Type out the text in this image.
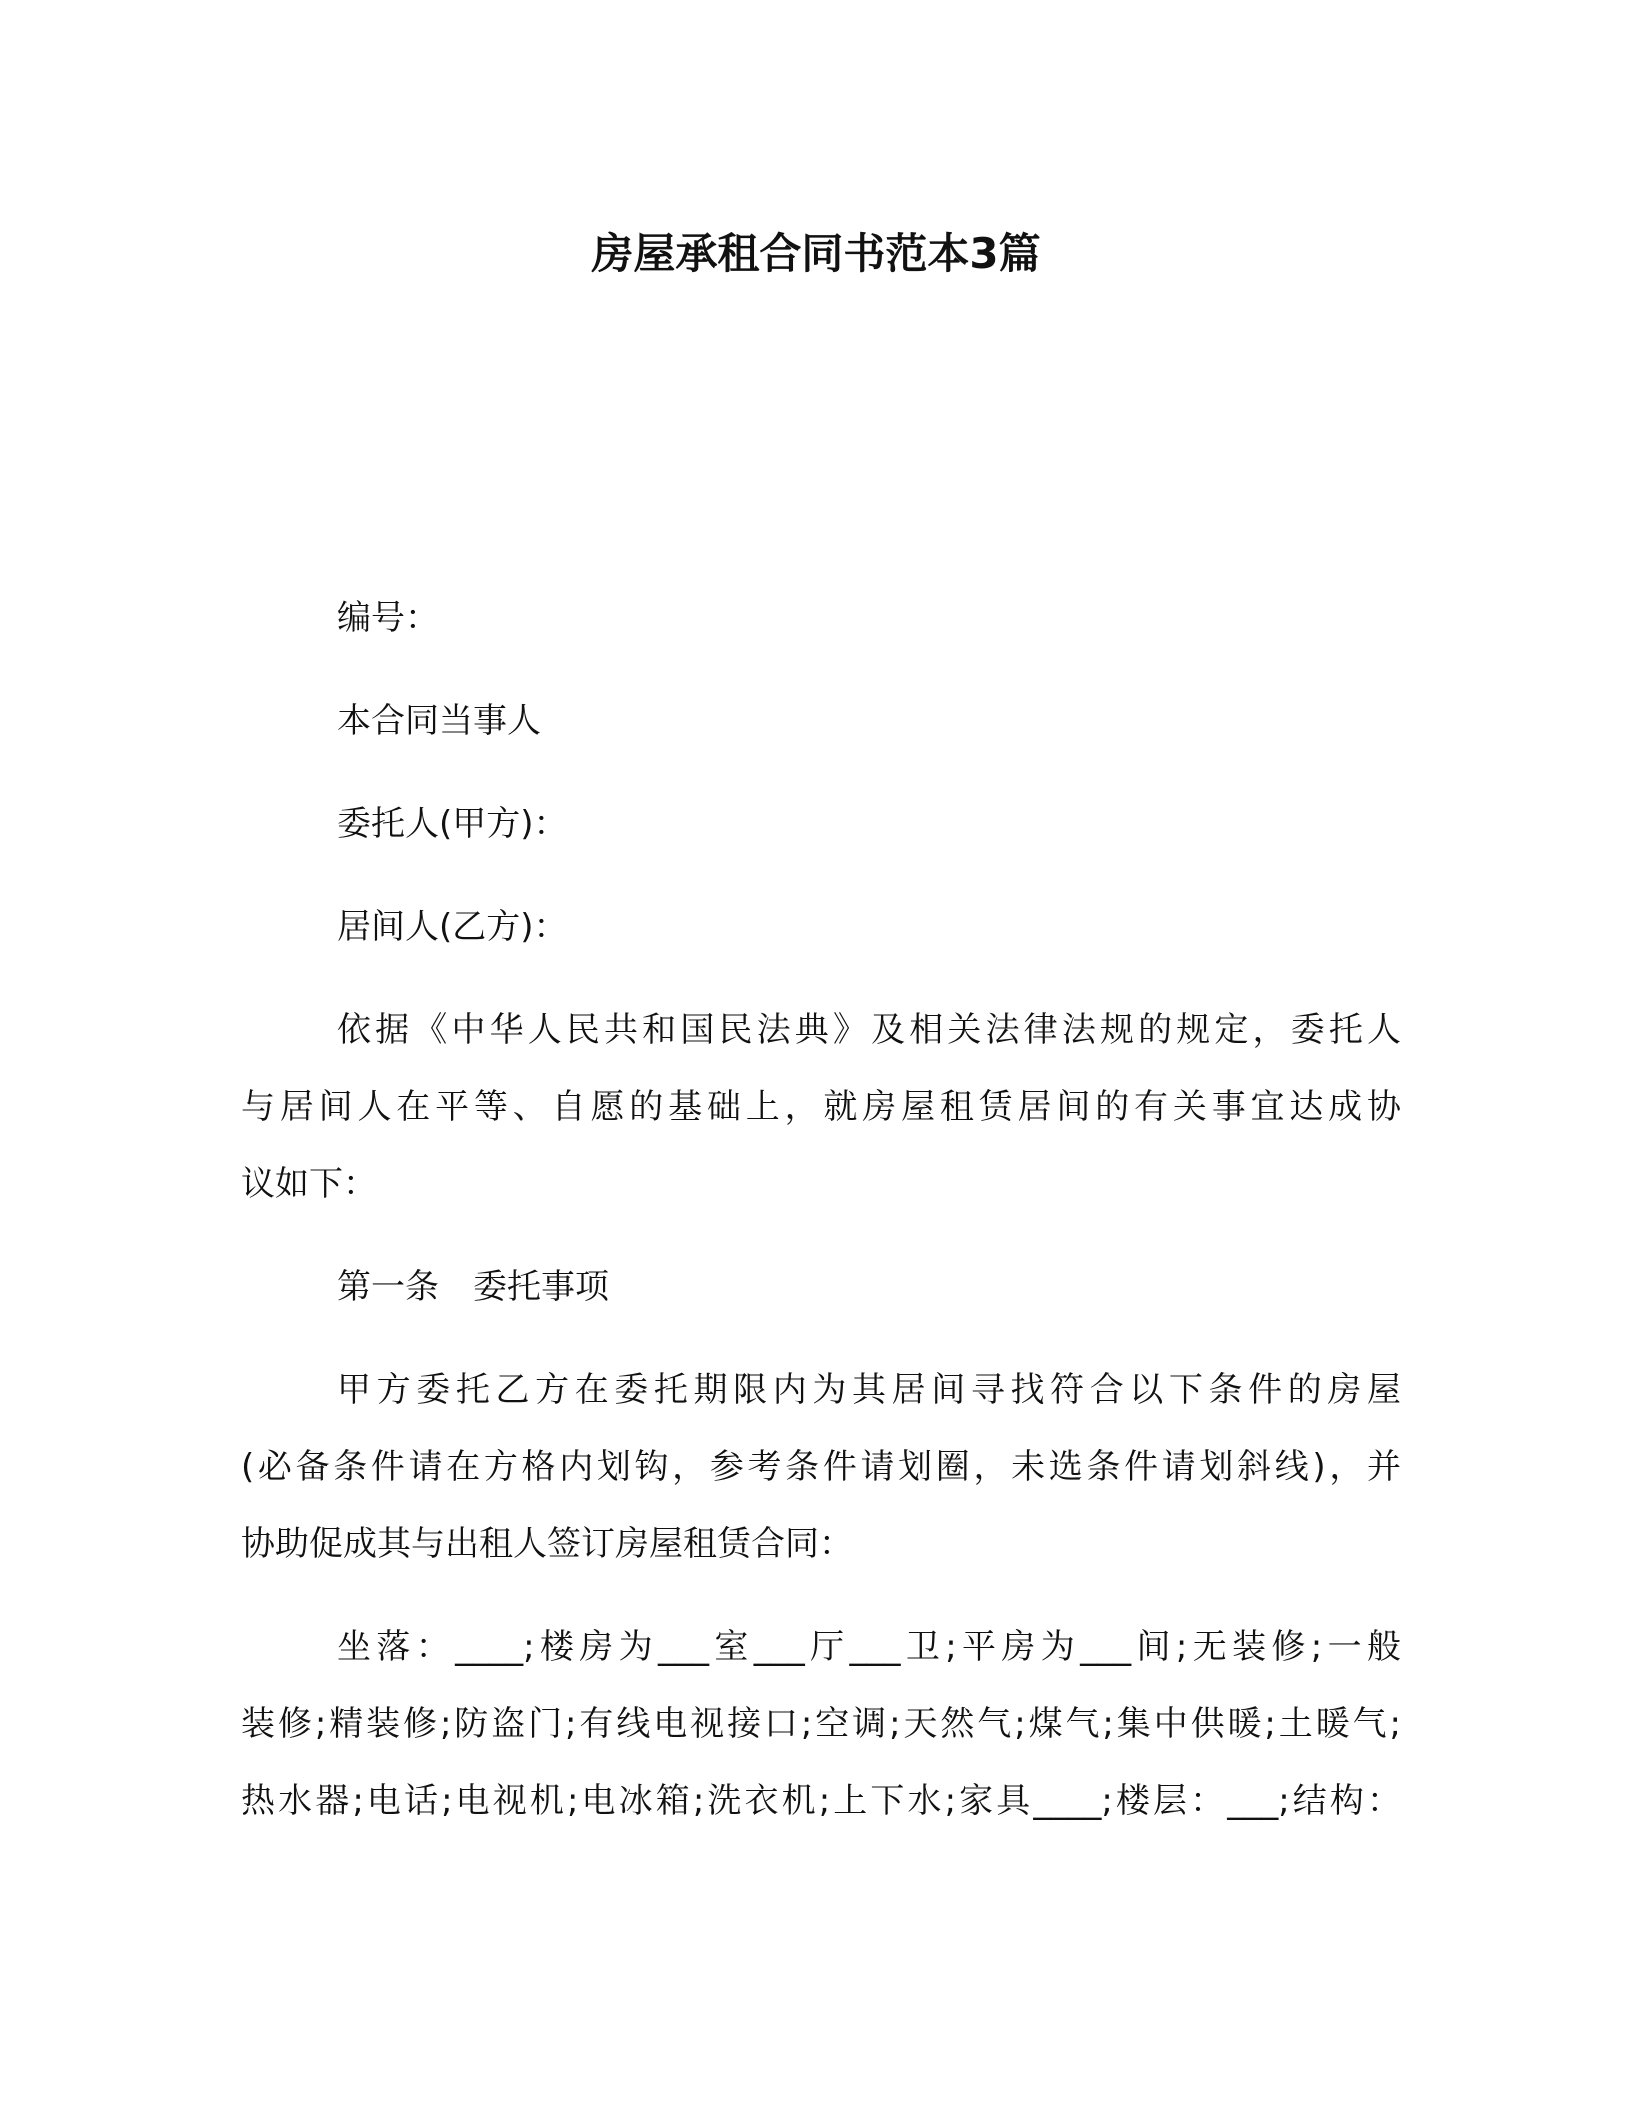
房屋承租合同书范本3篇
编号：
本合同当事人
委托人(甲方)：
居间人(乙方)：
依据《中华人民共和国民法典》及相关法律法规的规定，委托人
与居间人在平等、自愿的基础上，就房屋租赁居间的有关事宜达成协
议如下：
第一条　委托事项
甲方委托乙方在委托期限内为其居间寻找符合以下条件的房屋
(必备条件请在方格内划钩，参考条件请划圈，未选条件请划斜线)，并
协助促成其与出租人签订房屋租赁合同：
坐落：____;楼房为___室___厅___卫;平房为___间;无装修;一般
装修;精装修;防盗门;有线电视接口;空调;天然气;煤气;集中供暖;土暖气;
热水器;电话;电视机;电冰箱;洗衣机;上下水;家具____;楼层：___;结构：
